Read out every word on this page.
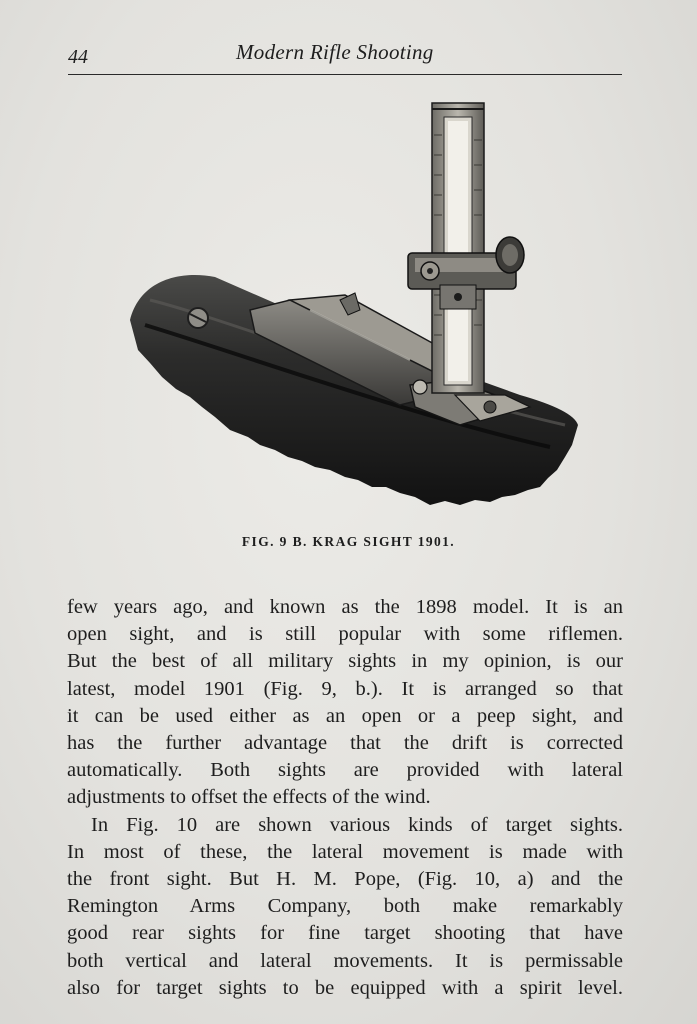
44	Modern Rifle Shooting
FIG. 9 B. KRAG SIGHT 1901.

few years ago, and known as the 1898 model. It is an
open sight, and is still popular with some riflemen.
But the best of all military sights in my opinion, is our
latest, model 1901 (Fig. 9, b.). It is arranged so that
it can be used either as an open or a peep sight, and
has the further advantage that the drift is corrected
automatically. Both sights are provided with lateral
adjustments to offset the effects of the wind.

In Fig. 10 are shown various kinds of target sights.
In most of these, the lateral movement is made with
the front sight. But H. M. Pope, (Fig. 10, a) and the
Remington Arms Company, both make remarkably
good rear sights for fine target shooting that have
both vertical and lateral movements. It is permissable
also for target sights to be equipped with a spirit level.
